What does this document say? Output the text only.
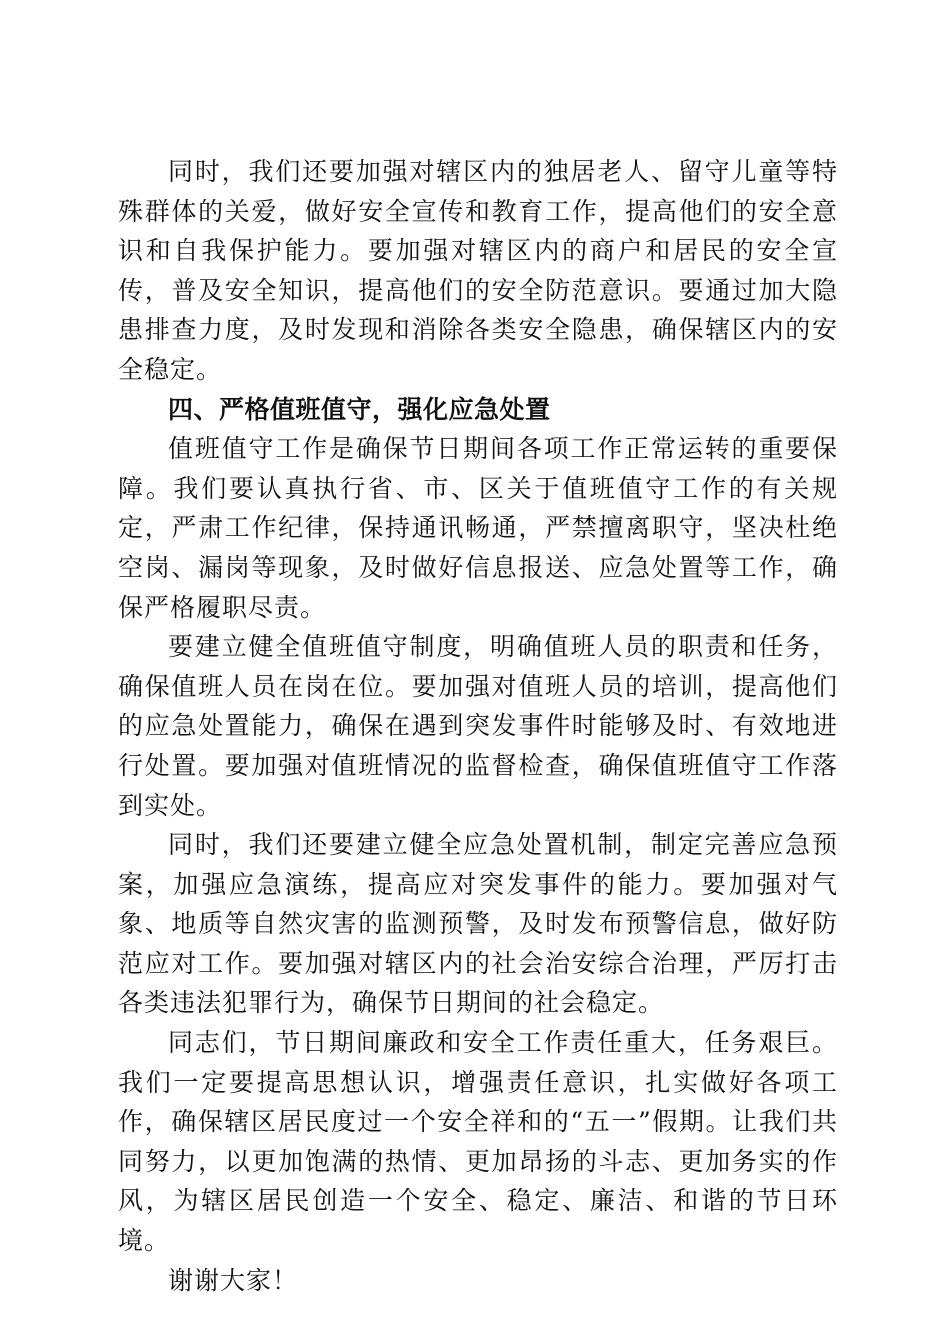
同时，我们还要加强对辖区内的独居老人、留守儿童等特殊群体的关爱，做好安全宣传和教育工作，提高他们的安全意识和自我保护能力。要加强对辖区内的商户和居民的安全宣传，普及安全知识，提高他们的安全防范意识。要通过加大隐患排查力度，及时发现和消除各类安全隐患，确保辖区内的安全稳定。

四、严格值班值守，强化应急处置

值班值守工作是确保节日期间各项工作正常运转的重要保障。我们要认真执行省、市、区关于值班值守工作的有关规定，严肃工作纪律，保持通讯畅通，严禁擅离职守，坚决杜绝空岗、漏岗等现象，及时做好信息报送、应急处置等工作，确保严格履职尽责。

要建立健全值班值守制度，明确值班人员的职责和任务，确保值班人员在岗在位。要加强对值班人员的培训，提高他们的应急处置能力，确保在遇到突发事件时能够及时、有效地进行处置。要加强对值班情况的监督检查，确保值班值守工作落到实处。

同时，我们还要建立健全应急处置机制，制定完善应急预案，加强应急演练，提高应对突发事件的能力。要加强对气象、地质等自然灾害的监测预警，及时发布预警信息，做好防范应对工作。要加强对辖区内的社会治安综合治理，严厉打击各类违法犯罪行为，确保节日期间的社会稳定。

同志们，节日期间廉政和安全工作责任重大，任务艰巨。我们一定要提高思想认识，增强责任意识，扎实做好各项工作，确保辖区居民度过一个安全祥和的“五一”假期。让我们共同努力，以更加饱满的热情、更加昂扬的斗志、更加务实的作风，为辖区居民创造一个安全、稳定、廉洁、和谐的节日环境。

谢谢大家！
